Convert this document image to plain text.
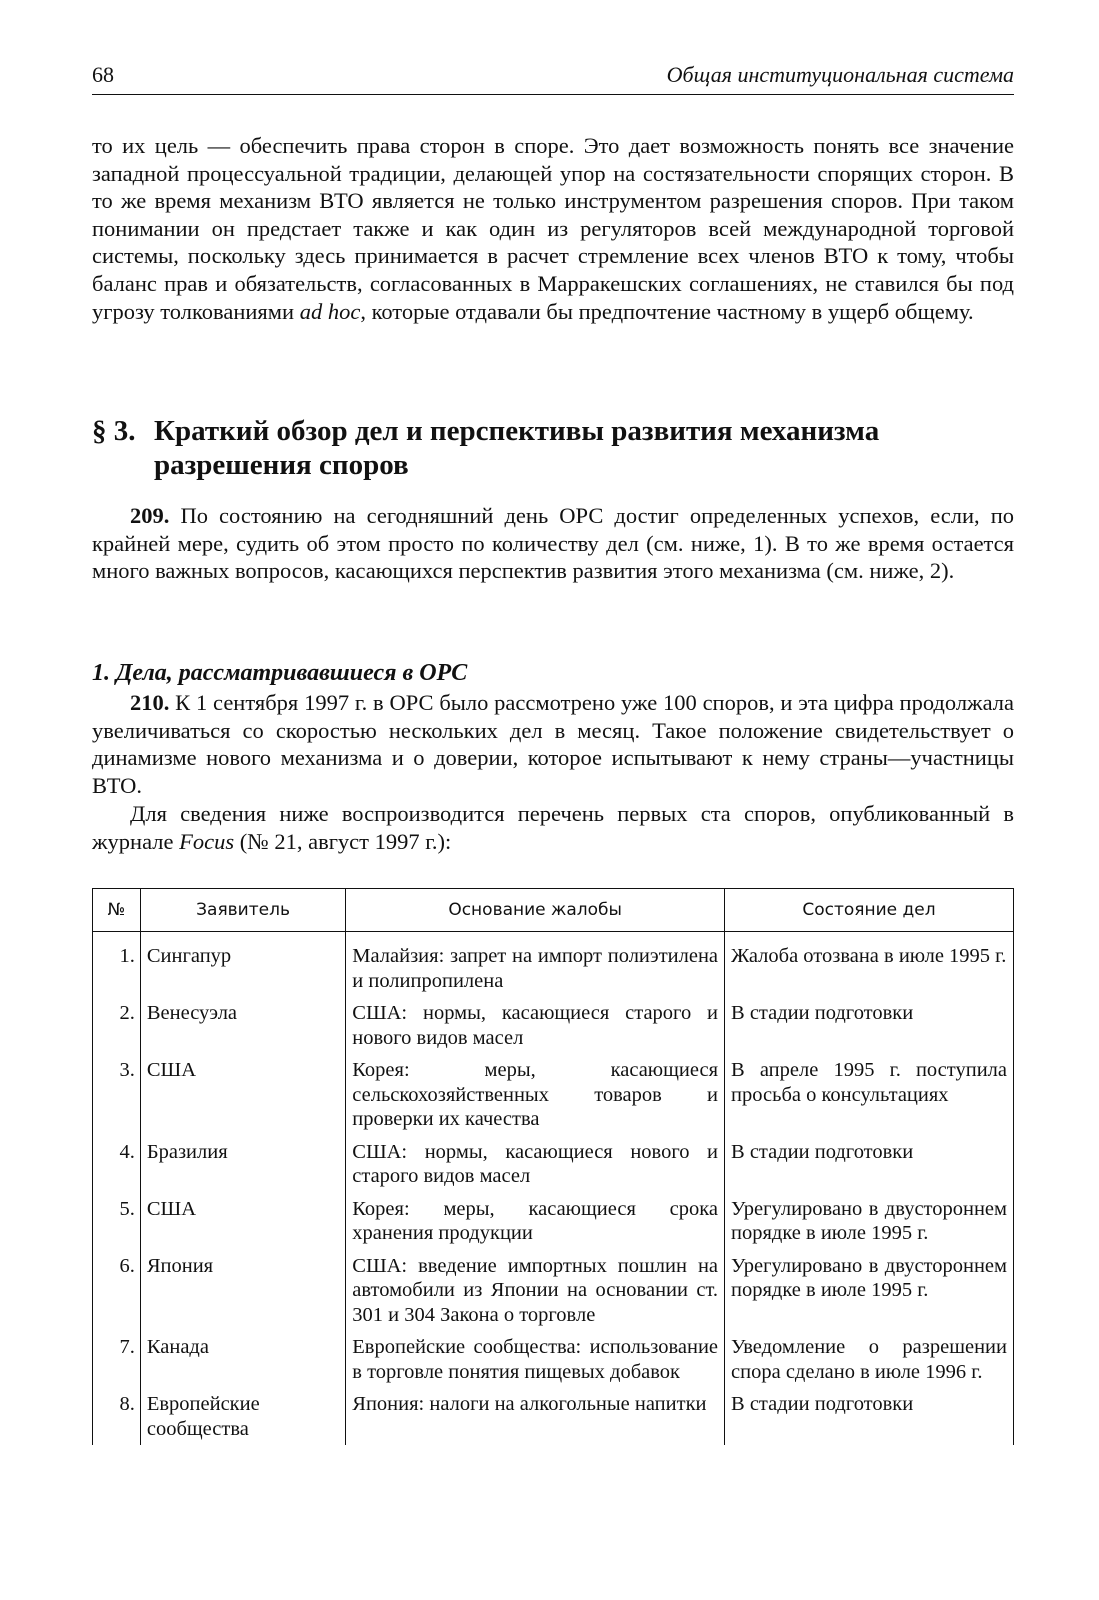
68	Общая институциональная система

то их цель — обеспечить права сторон в споре. Это дает возможность понять все значение западной процессуальной традиции, делающей упор на состязательности спорящих сторон. В то же время механизм ВТО является не только инструментом разрешения споров. При таком понимании он предстает также и как один из регуляторов всей международной торговой системы, поскольку здесь принимается в расчет стремление всех членов ВТО к тому, чтобы баланс прав и обязательств, согласованных в Марракешских соглашениях, не ставился бы под угрозу толкованиями ad hoc, которые отдавали бы предпочтение частному в ущерб общему.

§ 3. Краткий обзор дел и перспективы развития механизма разрешения споров

209. По состоянию на сегодняшний день ОРС достиг определенных успехов, если, по крайней мере, судить об этом просто по количеству дел (см. ниже, 1). В то же время остается много важных вопросов, касающихся перспектив развития этого механизма (см. ниже, 2).

1. Дела, рассматривавшиеся в ОРС

210. К 1 сентября 1997 г. в ОРС было рассмотрено уже 100 споров, и эта цифра продолжала увеличиваться со скоростью нескольких дел в месяц. Такое положение свидетельствует о динамизме нового механизма и о доверии, которое испытывают к нему страны—участницы ВТО.

Для сведения ниже воспроизводится перечень первых ста споров, опубликованный в журнале Focus (№ 21, август 1997 г.):

№	Заявитель	Основание жалобы	Состояние дел
1.	Сингапур	Малайзия: запрет на импорт полиэтилена и полипропилена	Жалоба отозвана в июле 1995 г.
2.	Венесуэла	США: нормы, касающиеся старого и нового видов масел	В стадии подготовки
3.	США	Корея: меры, касающиеся сельскохозяйственных товаров и проверки их качества	В апреле 1995 г. поступила просьба о консультациях
4.	Бразилия	США: нормы, касающиеся нового и старого видов масел	В стадии подготовки
5.	США	Корея: меры, касающиеся срока хранения продукции	Урегулировано в двустороннем порядке в июле 1995 г.
6.	Япония	США: введение импортных пошлин на автомобили из Японии на основании ст. 301 и 304 Закона о торговле	Урегулировано в двустороннем порядке в июле 1995 г.
7.	Канада	Европейские сообщества: использование в торговле понятия пищевых добавок	Уведомление о разрешении спора сделано в июле 1996 г.
8.	Европейские сообщества	Япония: налоги на алкогольные напитки	В стадии подготовки
